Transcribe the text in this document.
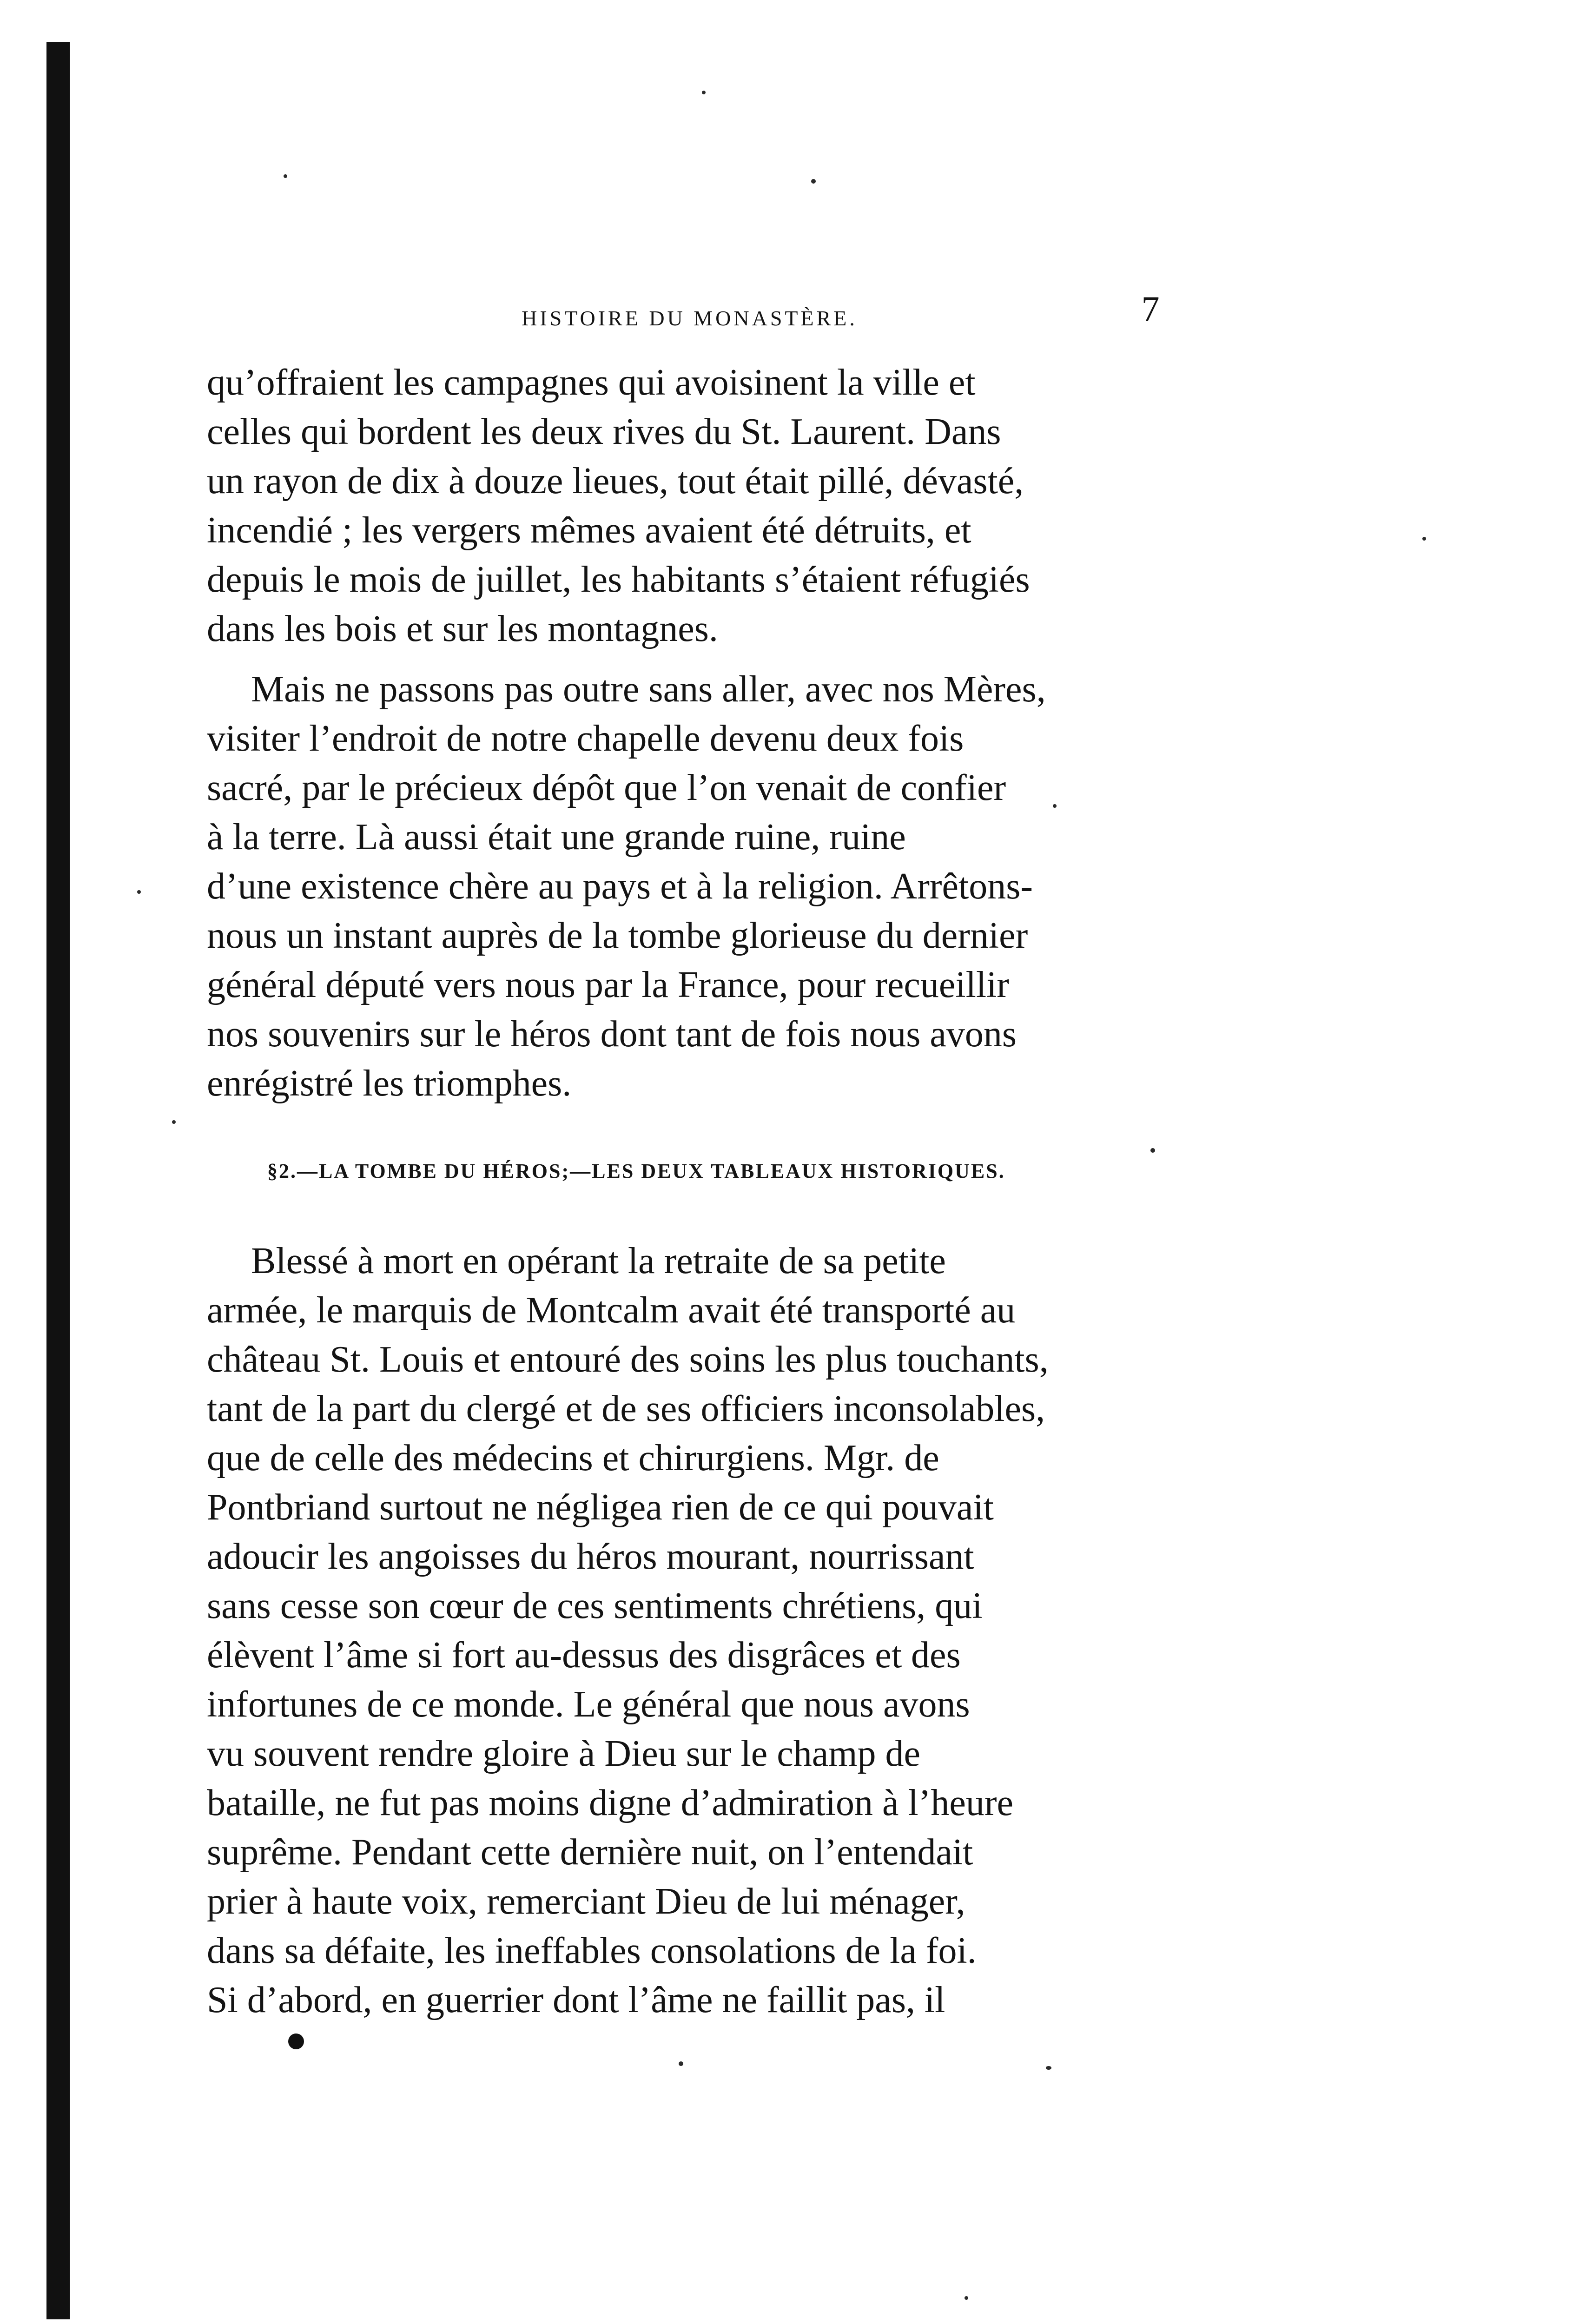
HISTOIRE DU MONASTÈRE.	7

qu’offraient les campagnes qui avoisinent la ville et
celles qui bordent les deux rives du St. Laurent. Dans
un rayon de dix à douze lieues, tout était pillé, dévasté,
incendié ; les vergers mêmes avaient été détruits, et
depuis le mois de juillet, les habitants s’étaient réfugiés
dans les bois et sur les montagnes.

Mais ne passons pas outre sans aller, avec nos Mères,
visiter l’endroit de notre chapelle devenu deux fois
sacré, par le précieux dépôt que l’on venait de confier
à la terre. Là aussi était une grande ruine, ruine
d’une existence chère au pays et à la religion. Arrêtons-
nous un instant auprès de la tombe glorieuse du dernier
général député vers nous par la France, pour recueillir
nos souvenirs sur le héros dont tant de fois nous avons
enrégistré les triomphes.

§2.—LA TOMBE DU HÉROS;—LES DEUX TABLEAUX HISTORIQUES.

Blessé à mort en opérant la retraite de sa petite
armée, le marquis de Montcalm avait été transporté au
château St. Louis et entouré des soins les plus touchants,
tant de la part du clergé et de ses officiers inconsolables,
que de celle des médecins et chirurgiens. Mgr. de
Pontbriand surtout ne négligea rien de ce qui pouvait
adoucir les angoisses du héros mourant, nourrissant
sans cesse son cœur de ces sentiments chrétiens, qui
élèvent l’âme si fort au-dessus des disgrâces et des
infortunes de ce monde. Le général que nous avons
vu souvent rendre gloire à Dieu sur le champ de
bataille, ne fut pas moins digne d’admiration à l’heure
suprême. Pendant cette dernière nuit, on l’entendait
prier à haute voix, remerciant Dieu de lui ménager,
dans sa défaite, les ineffables consolations de la foi.
Si d’abord, en guerrier dont l’âme ne faillit pas, il
